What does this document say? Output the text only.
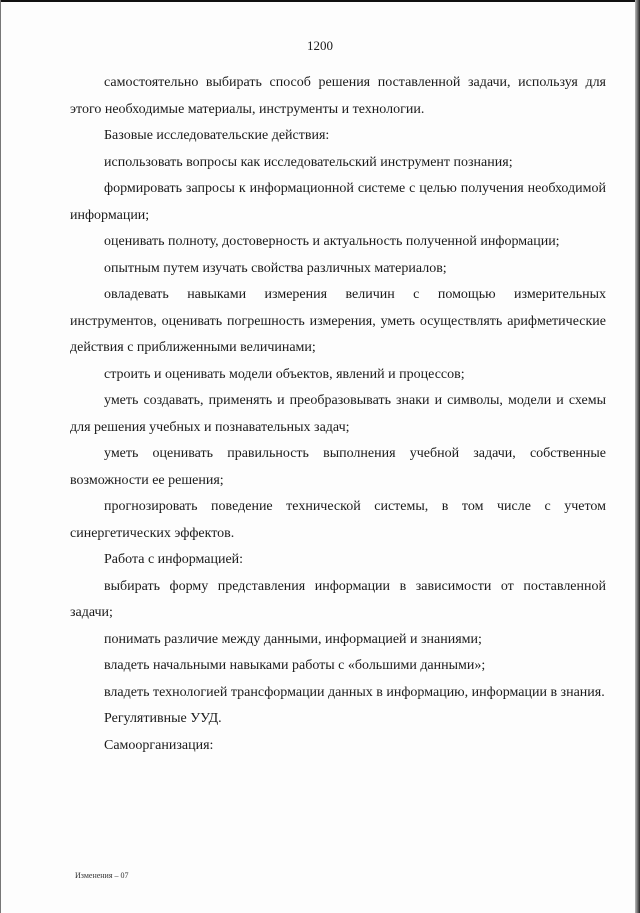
1200

самостоятельно выбирать способ решения поставленной задачи, используя для этого необходимые материалы, инструменты и технологии.

Базовые исследовательские действия:

использовать вопросы как исследовательский инструмент познания;

формировать запросы к информационной системе с целью получения необходимой информации;

оценивать полноту, достоверность и актуальность полученной информации;

опытным путем изучать свойства различных материалов;

овладевать навыками измерения величин с помощью измерительных инструментов, оценивать погрешность измерения, уметь осуществлять арифметические действия с приближенными величинами;

строить и оценивать модели объектов, явлений и процессов;

уметь создавать, применять и преобразовывать знаки и символы, модели и схемы для решения учебных и познавательных задач;

уметь оценивать правильность выполнения учебной задачи, собственные возможности ее решения;

прогнозировать поведение технической системы, в том числе с учетом синергетических эффектов.

Работа с информацией:

выбирать форму представления информации в зависимости от поставленной задачи;

понимать различие между данными, информацией и знаниями;

владеть начальными навыками работы с «большими данными»;

владеть технологией трансформации данных в информацию, информации в знания.

Регулятивные УУД.

Самоорганизация:

Изменения – 07
